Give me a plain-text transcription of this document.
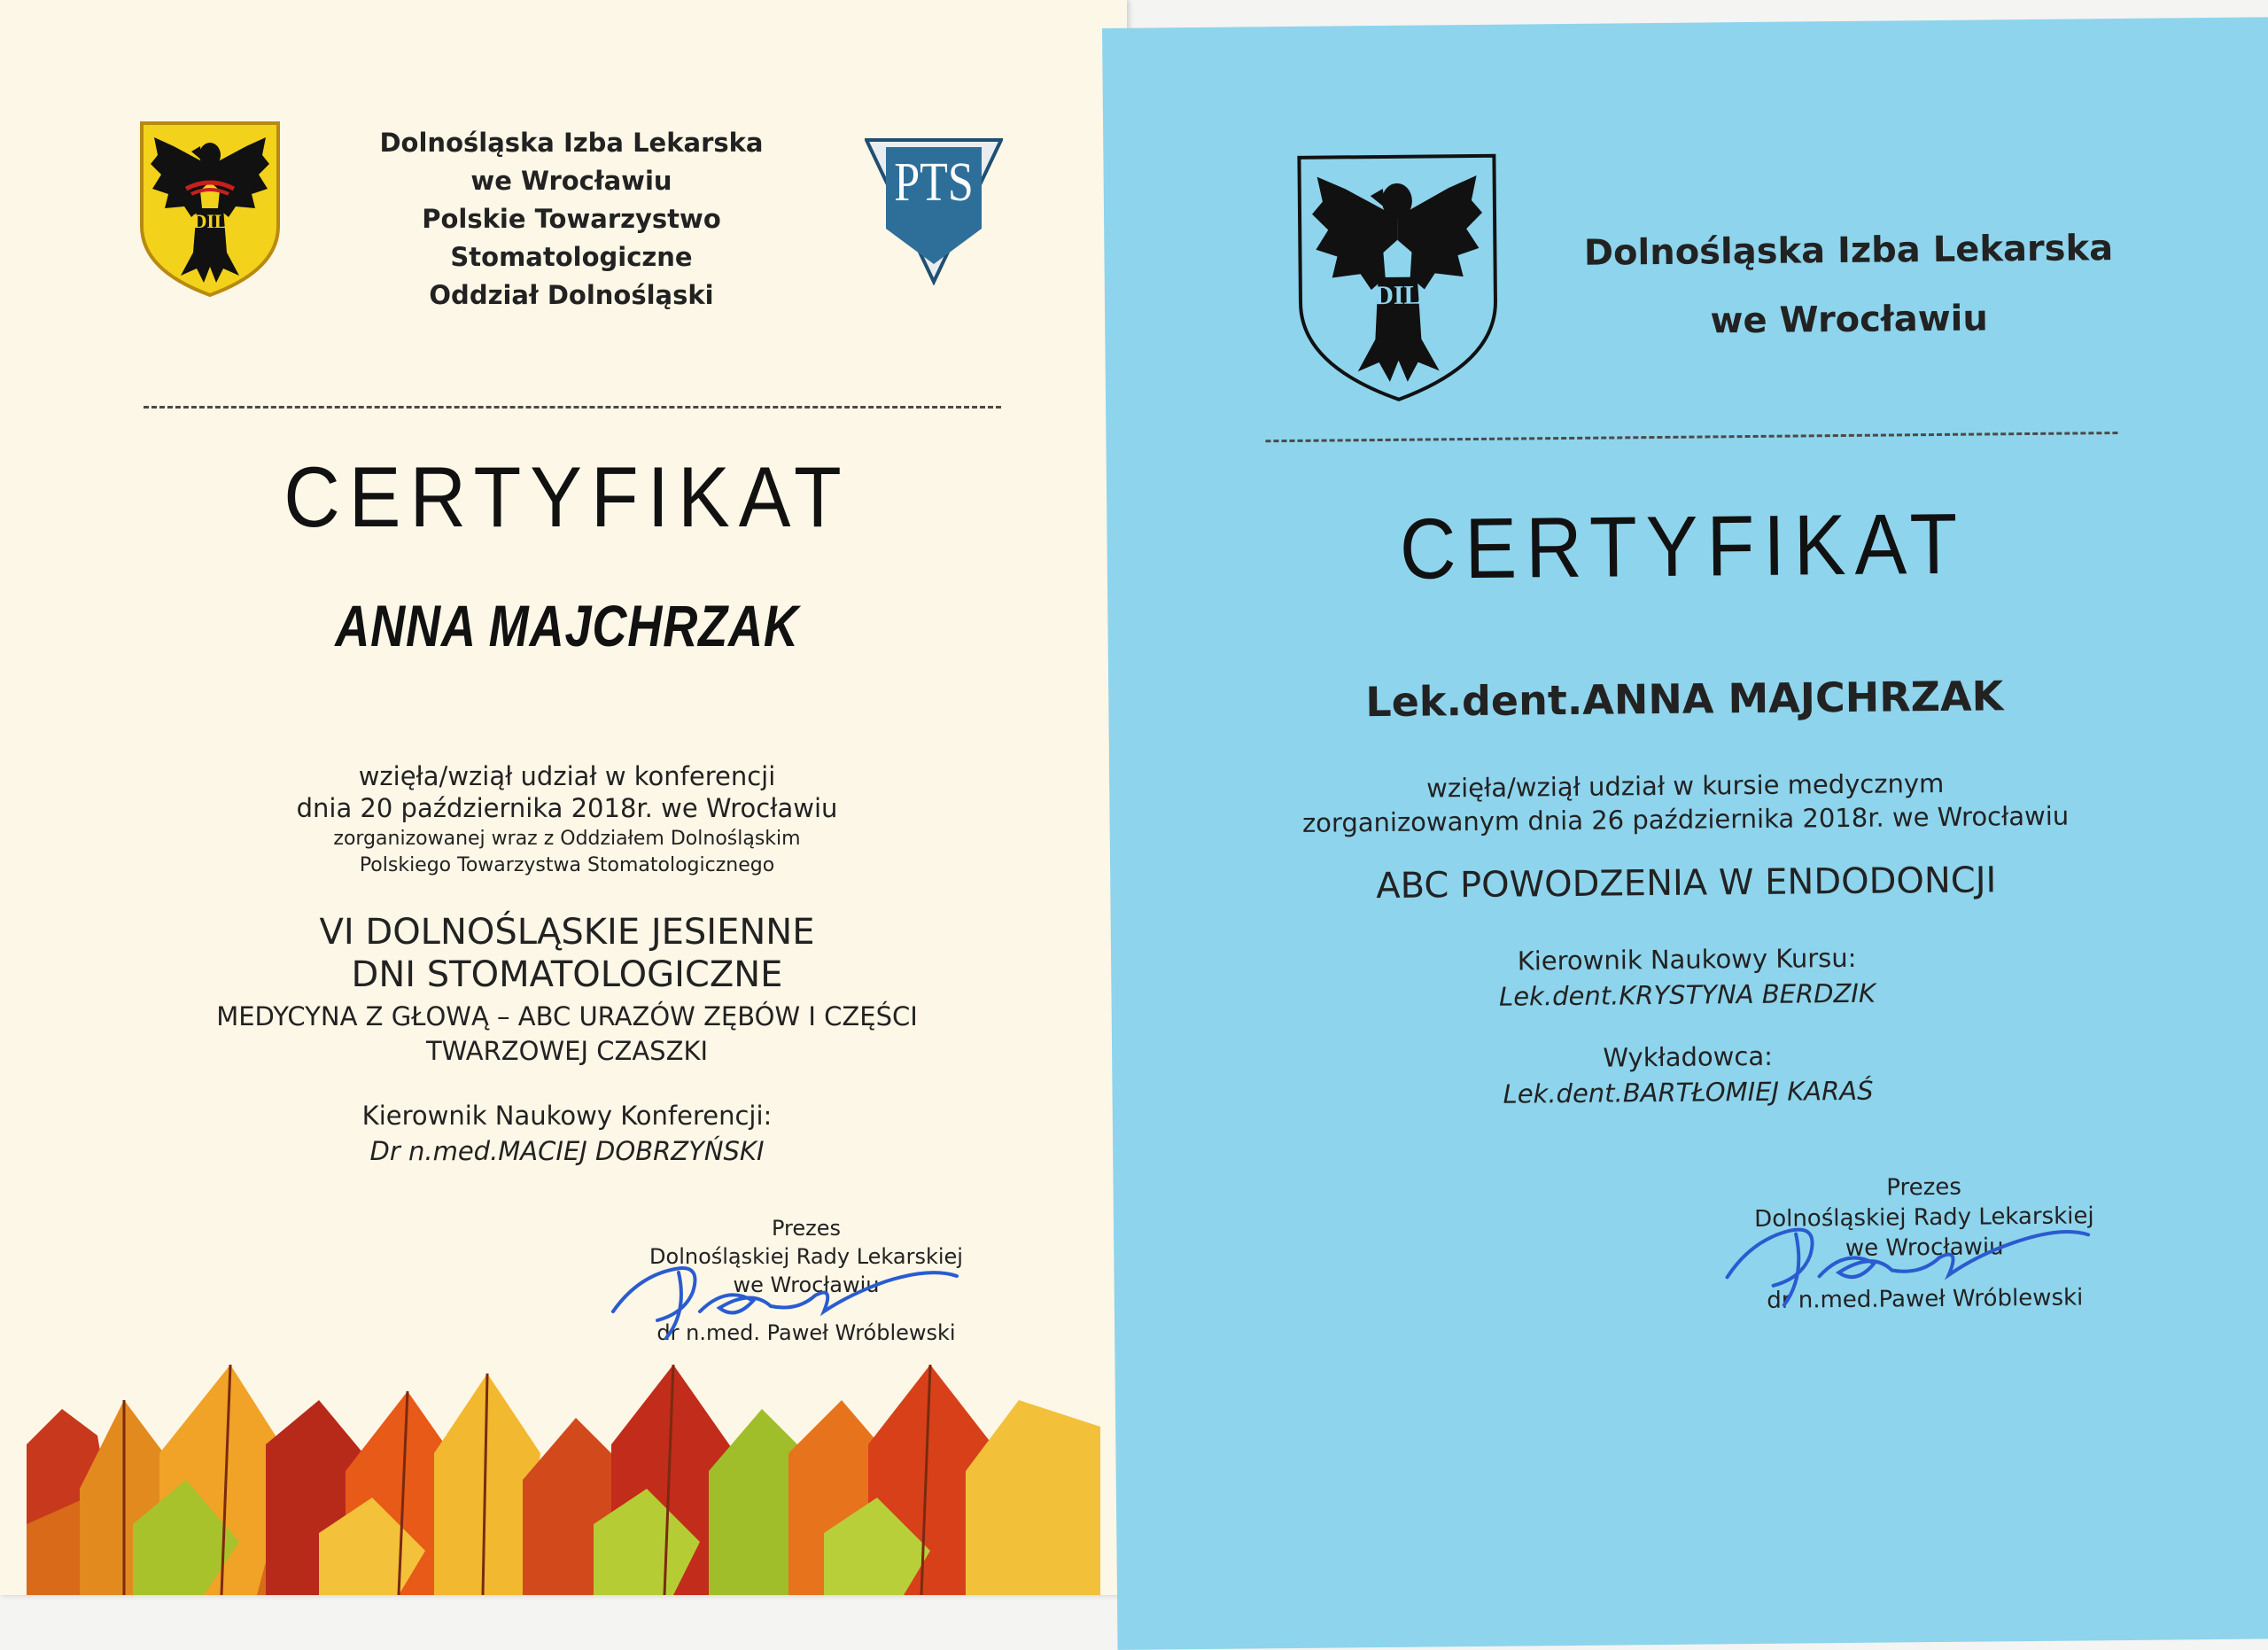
DIL
PTS
Dolnośląska Izba Lekarska
we Wrocławiu
Polskie Towarzystwo
Stomatologiczne
Oddział Dolnośląski
CERTYFIKAT
ANNA MAJCHRZAK
wzięła/wziął udział w konferencji
dnia 20 października 2018r. we Wrocławiu
zorganizowanej wraz z Oddziałem Dolnośląskim
Polskiego Towarzystwa Stomatologicznego
VI DOLNOŚLĄSKIE JESIENNE
DNI STOMATOLOGICZNE
MEDYCYNA Z GŁOWĄ – ABC URAZÓW ZĘBÓW I CZĘŚCI
TWARZOWEJ CZASZKI
Kierownik Naukowy Konferencji:
Dr n.med.MACIEJ DOBRZYŃSKI
Prezes
Dolnośląskiej Rady Lekarskiej
we Wrocławiu
dr n.med. Paweł Wróblewski
DIL
Dolnośląska Izba Lekarska
we Wrocławiu
CERTYFIKAT
Lek.dent.ANNA MAJCHRZAK
wzięła/wziął udział w kursie medycznym
zorganizowanym dnia 26 października 2018r. we Wrocławiu
ABC POWODZENIA W ENDODONCJI
Kierownik Naukowy Kursu:
Lek.dent.KRYSTYNA BERDZIK
Wykładowca:
Lek.dent.BARTŁOMIEJ KARAŚ
Prezes
Dolnośląskiej Rady Lekarskiej
we Wrocławiu
dr n.med.Paweł Wróblewski
